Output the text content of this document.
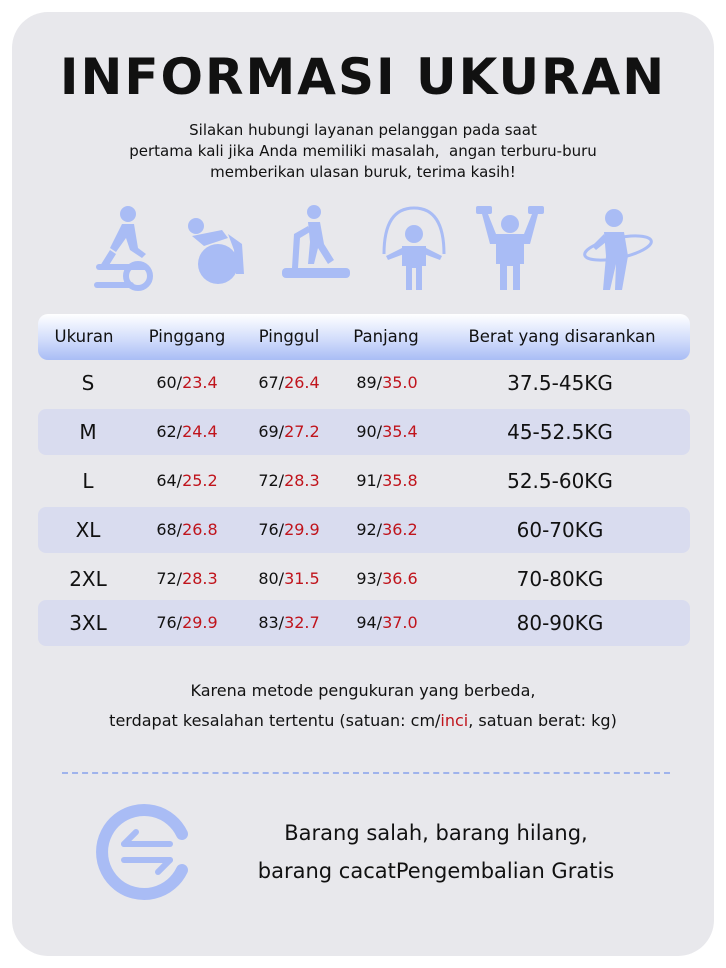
INFORMASI UKURAN
Silakan hubungi layanan pelanggan pada saat
pertama kali jika Anda memiliki masalah,  angan terburu-buru
memberikan ulasan buruk, terima kasih!
Ukuran	Pinggang	Pinggul	Panjang	Berat yang disarankan
S	60/23.4	67/26.4	89/35.0	37.5-45KG
M	62/24.4	69/27.2	90/35.4	45-52.5KG
L	64/25.2	72/28.3	91/35.8	52.5-60KG
XL	68/26.8	76/29.9	92/36.2	60-70KG
2XL	72/28.3	80/31.5	93/36.6	70-80KG
3XL	76/29.9	83/32.7	94/37.0	80-90KG
Karena metode pengukuran yang berbeda,
terdapat kesalahan tertentu (satuan: cm/inci, satuan berat: kg)
Barang salah, barang hilang,
barang cacatPengembalian Gratis
